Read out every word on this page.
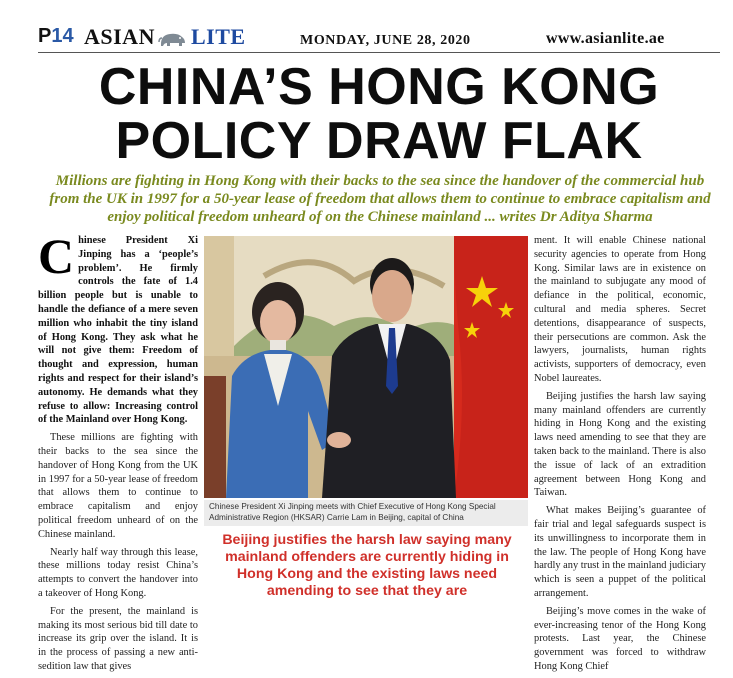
P14 ASIAN LITE	MONDAY, JUNE 28, 2020	www.asianlite.ae
CHINA’S HONG KONG
POLICY DRAW FLAK
Millions are fighting in Hong Kong with their backs to the sea since the handover of the commercial hub from the UK in 1997 for a 50-year lease of freedom that allows them to continue to embrace capitalism and enjoy political freedom unheard of on the Chinese mainland ... writes Dr Aditya Sharma

Chinese President Xi Jinping has a ‘people’s problem’. He firmly controls the fate of 1.4 billion people but is unable to handle the defiance of a mere seven million who inhabit the tiny island of Hong Kong. They ask what he will not give them: Freedom of thought and expression, human rights and respect for their island’s autonomy. He demands what they refuse to allow: Increasing control of the Mainland over Hong Kong.

These millions are fighting with their backs to the sea since the handover of Hong Kong from the UK in 1997 for a 50-year lease of freedom that allows them to continue to embrace capitalism and enjoy political freedom unheard of on the Chinese mainland.

Nearly half way through this lease, these millions today resist China’s attempts to convert the handover into a takeover of Hong Kong.

For the present, the mainland is making its most serious bid till date to increase its grip over the island. It is in the process of passing a new anti-sedition law that gives

Chinese President Xi Jinping meets with Chief Executive of Hong Kong Special Administrative Region (HKSAR) Carrie Lam in Beijing, capital of China
Beijing justifies the harsh law saying many mainland offenders are currently hiding in Hong Kong and the existing laws need amending to see that they are

ment. It will enable Chinese national security agencies to operate from Hong Kong. Similar laws are in existence on the mainland to subjugate any mood of defiance in the political, economic, cultural and media spheres. Secret detentions, disappearance of suspects, their persecutions are common. Ask the lawyers, journalists, human rights activists, supporters of democracy, even Nobel laureates.

Beijing justifies the harsh law saying many mainland offenders are currently hiding in Hong Kong and the existing laws need amending to see that they are taken back to the mainland. There is also the issue of lack of an extradition agreement between Hong Kong and Taiwan.

What makes Beijing’s guarantee of fair trial and legal safeguards suspect is its unwillingness to incorporate them in the law. The people of Hong Kong have hardly any trust in the mainland judiciary which is seen a puppet of the political arrangement.

Beijing’s move comes in the wake of ever-increasing tenor of the Hong Kong protests. Last year, the Chinese government was forced to withdraw Hong Kong Chief
